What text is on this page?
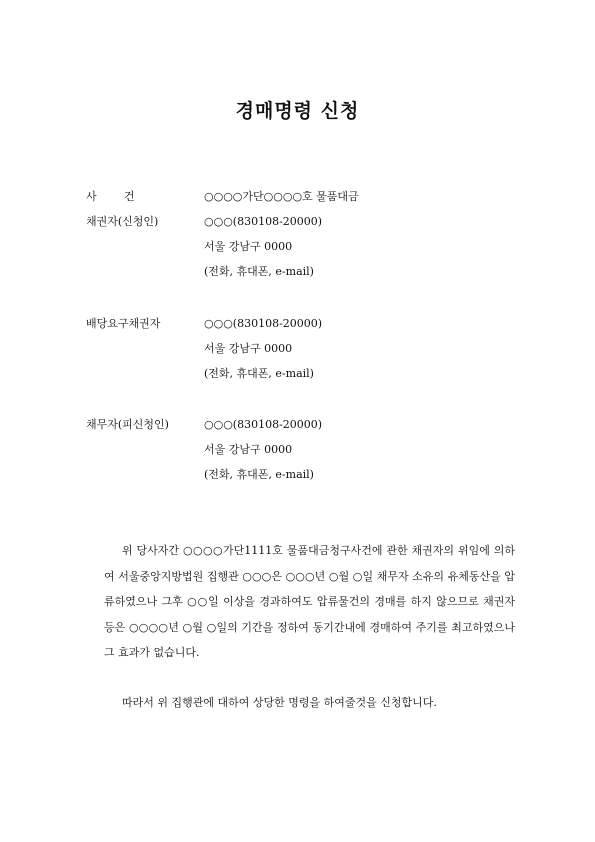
경매명령 신청
사 건	○○○○가단○○○○호 물품대금
채권자(신청인)	○○○(830108-20000)
서울 강남구 0000
(전화, 휴대폰, e-mail)
배당요구채권자	○○○(830108-20000)
서울 강남구 0000
(전화, 휴대폰, e-mail)
채무자(피신청인)	○○○(830108-20000)
서울 강남구 0000
(전화, 휴대폰, e-mail)

위 당사자간 ○○○○가단1111호 물품대금청구사건에 관한 채권자의 위임에 의하여 서울중앙지방법원 집행관 ○○○은 ○○○년 ○월 ○일 채무자 소유의 유체동산을 압류하였으나 그후 ○○일 이상을 경과하여도 압류물건의 경매를 하지 않으므로 채권자 등은 ○○○○년 ○월 ○일의 기간을 정하여 동기간내에 경매하여 주기를 최고하였으나 그 효과가 없습니다.

따라서 위 집행관에 대하여 상당한 명령을 하여줄것을 신청합니다.
